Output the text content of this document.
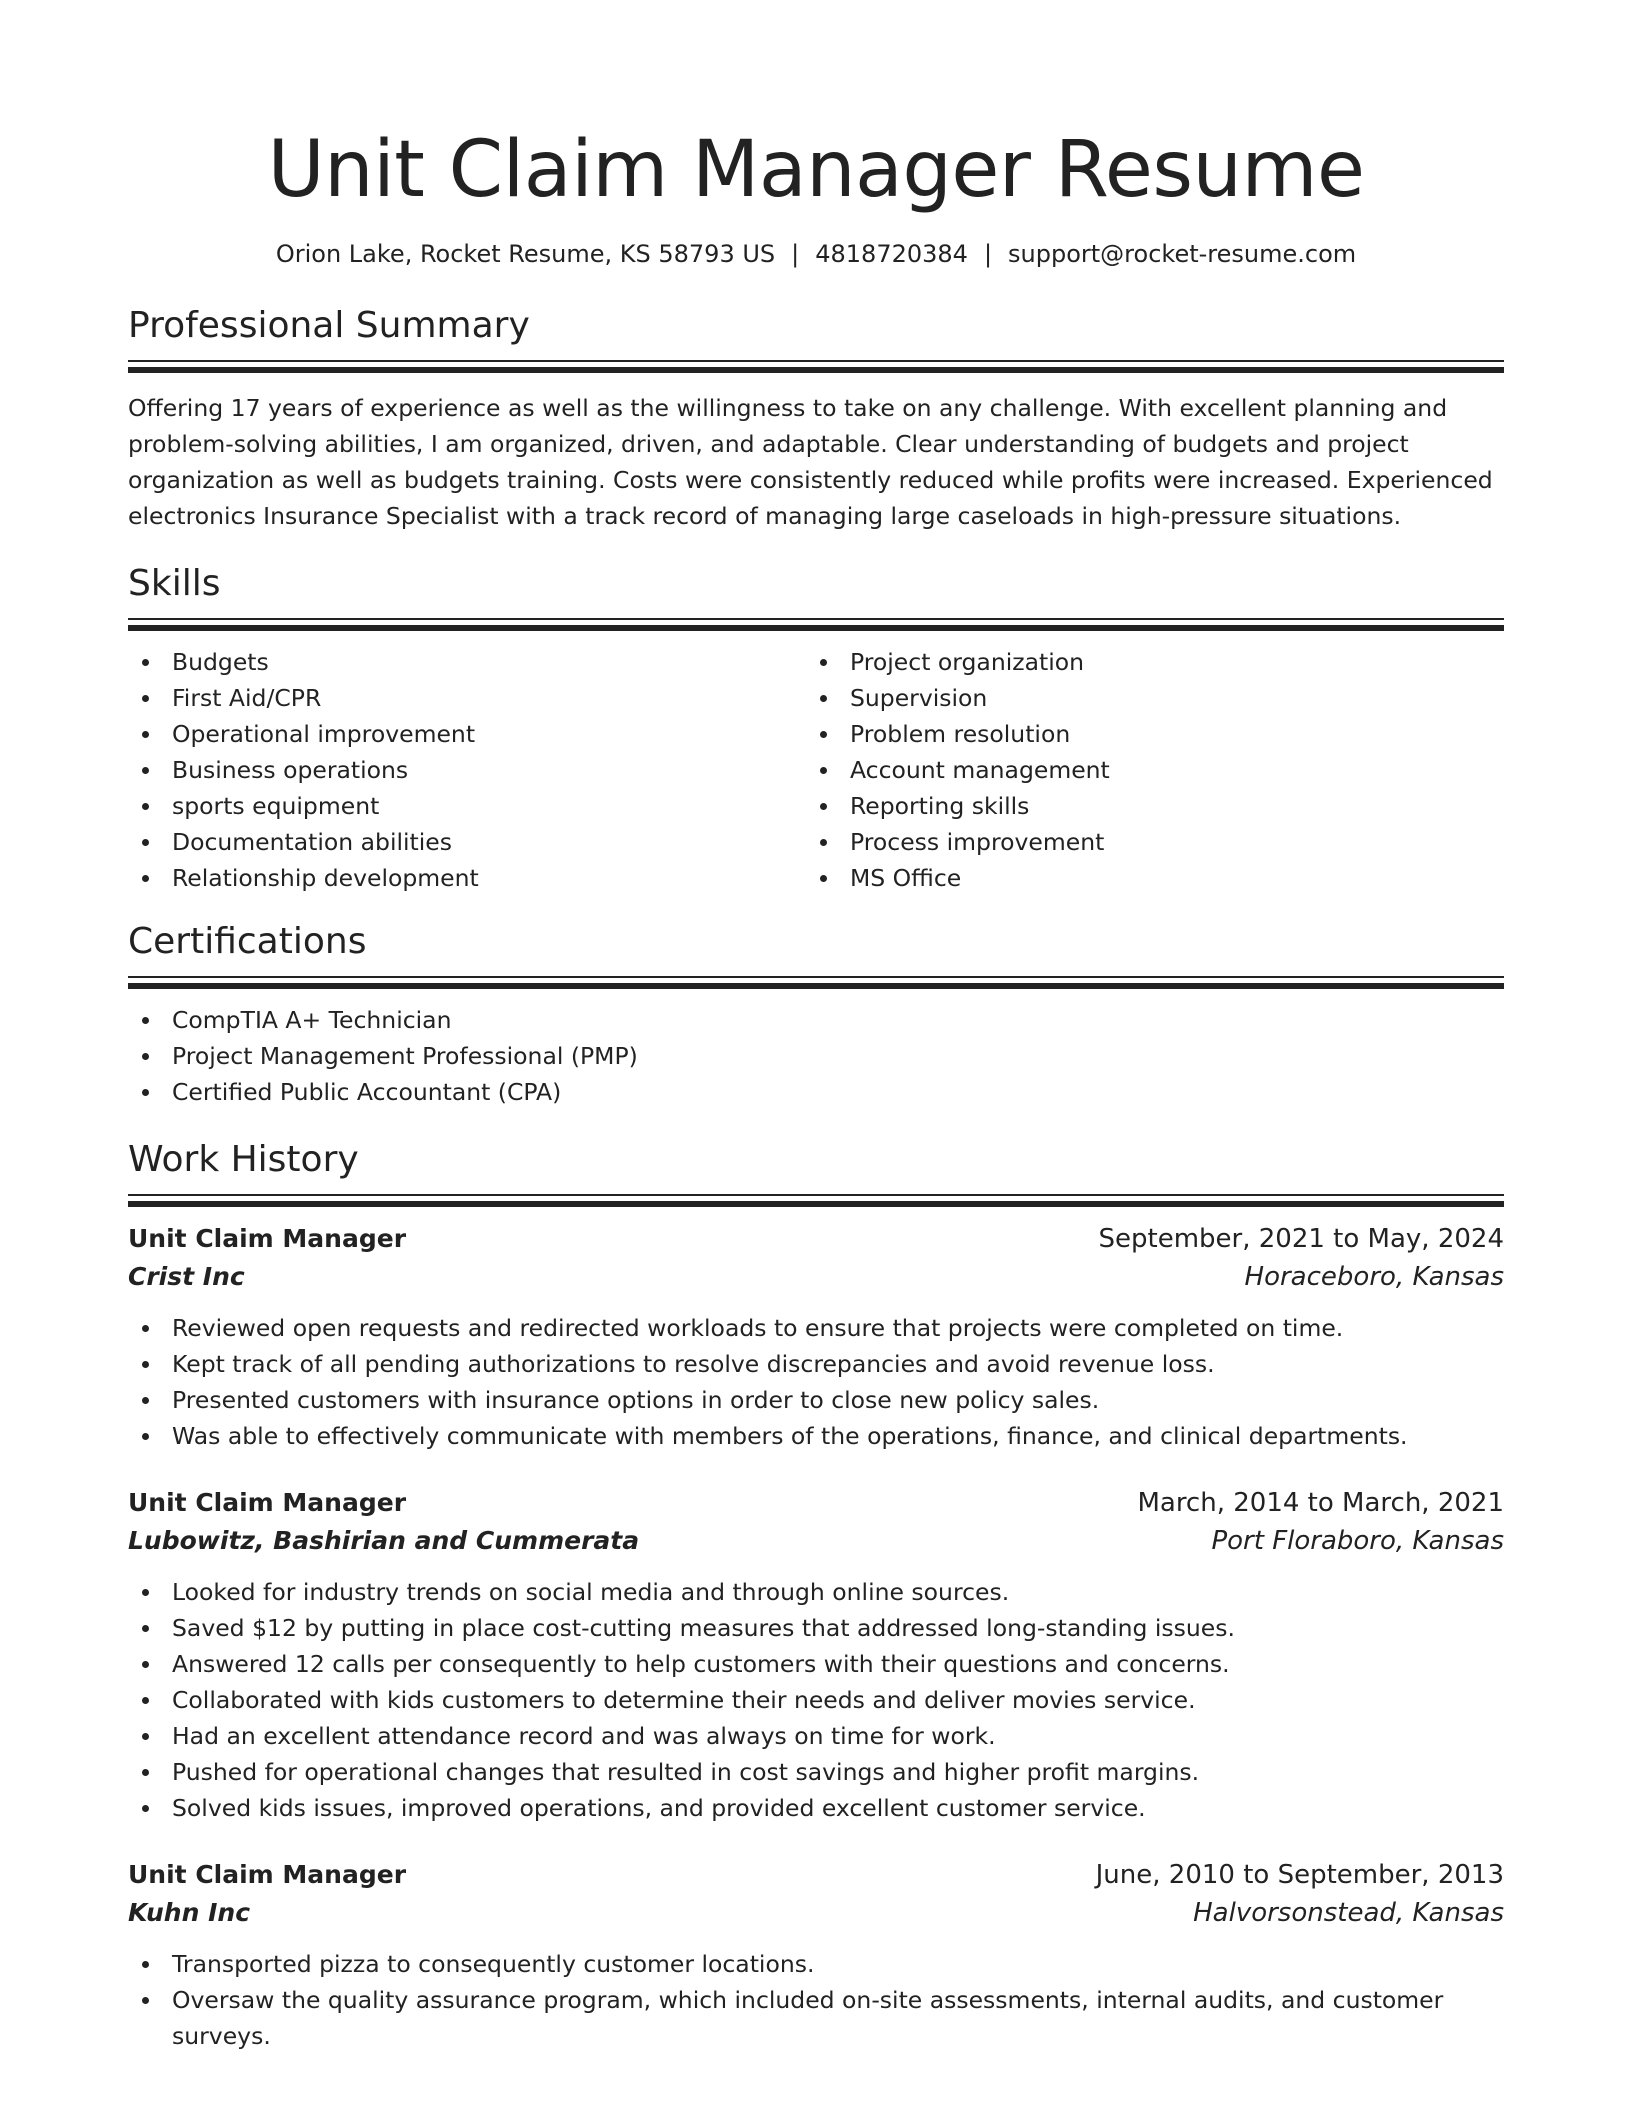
Unit Claim Manager Resume
Orion Lake, Rocket Resume, KS 58793 US | 4818720384 | support@rocket-resume.com
Professional Summary

Offering 17 years of experience as well as the willingness to take on any challenge. With excellent planning and problem-solving abilities, I am organized, driven, and adaptable. Clear understanding of budgets and project organization as well as budgets training. Costs were consistently reduced while profits were increased. Experienced electronics Insurance Specialist with a track record of managing large caseloads in high-pressure situations.

Skills
Budgets
First Aid/CPR
Operational improvement
Business operations
sports equipment
Documentation abilities
Relationship development
Project organization
Supervision
Problem resolution
Account management
Reporting skills
Process improvement
MS Office
Certifications
CompTIA A+ Technician
Project Management Professional (PMP)
Certified Public Accountant (CPA)
Work History
Unit Claim Manager	September, 2021 to May, 2024
Crist Inc	Horaceboro, Kansas
Reviewed open requests and redirected workloads to ensure that projects were completed on time.
Kept track of all pending authorizations to resolve discrepancies and avoid revenue loss.
Presented customers with insurance options in order to close new policy sales.
Was able to effectively communicate with members of the operations, finance, and clinical departments.
Unit Claim Manager	March, 2014 to March, 2021
Lubowitz, Bashirian and Cummerata	Port Floraboro, Kansas
Looked for industry trends on social media and through online sources.
Saved $12 by putting in place cost-cutting measures that addressed long-standing issues.
Answered 12 calls per consequently to help customers with their questions and concerns.
Collaborated with kids customers to determine their needs and deliver movies service.
Had an excellent attendance record and was always on time for work.
Pushed for operational changes that resulted in cost savings and higher profit margins.
Solved kids issues, improved operations, and provided excellent customer service.
Unit Claim Manager	June, 2010 to September, 2013
Kuhn Inc	Halvorsonstead, Kansas
Transported pizza to consequently customer locations.
Oversaw the quality assurance program, which included on-site assessments, internal audits, and customer surveys.
